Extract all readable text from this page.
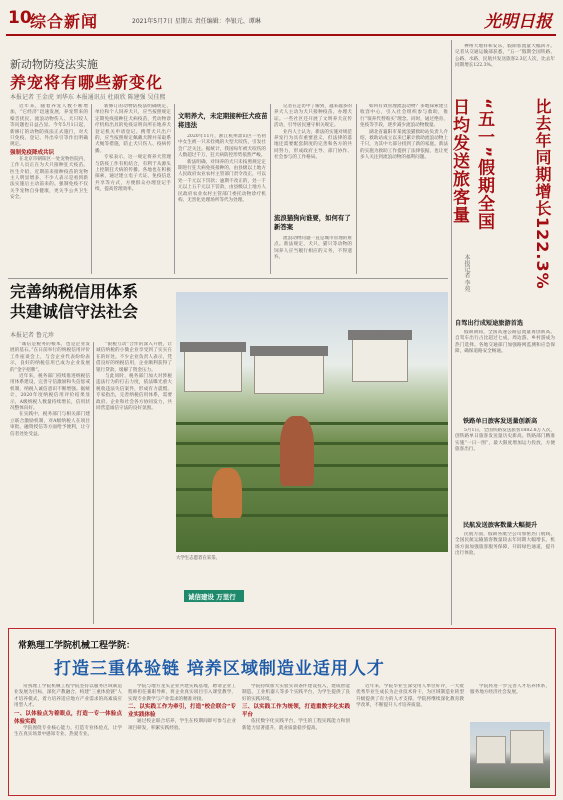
10
综合新闻	2021年5月7日 星期五 责任编辑：李银元、谭琳	光明日报
新动物防疫法实施
养宠将有哪些新变化
本报记者 王金虎 刘华东 本报通讯员 杜雨欣 陈建强 吴佳熙

近年来，随着养宠人数不断增加，“它经济”迅速发展，养宠带来的噪音扰民、流浪动物伤人、犬只咬人等问题也日益凸显。今年5月1日起，新修订的动物防疫法正式施行，对犬只免疫、登记、外出牵引等作出明确规定。

强制免疫降成共识

在北京市朝阳区一处宠物医院内，工作人员正在为犬只接种狂犬疫苗。医生介绍，近期前来接种疫苗的宠物主人明显增多，不少人表示是看到新法实施后主动前来的。强制免疫不仅关乎宠物自身健康，更关乎公共卫生安全。

新修订的动物防疫法明确规定，单位和个人饲养犬只，应当按照规定定期免疫接种狂犬病疫苗，凭动物诊疗机构出具的免疫证明向所在地养犬登记机关申请登记。携带犬只出户的，应当按照规定佩戴犬牌并采取系犬绳等措施，防止犬只伤人、疫病传播。

专家表示，这一规定将养犬管理与防疫工作有机结合，有利于从源头上控制狂犬病的传播。各地也在积极探索，通过建立电子犬证、免疫信息共享等方式，方便群众办理登记手续，提高管理效率。

文明养犬，未定期接种狂犬疫苗将违法

2020年11月，浙江杭州萧山区一名初中女生被一只未拴绳的大型犬咬伤，引发社会广泛关注。据统计，我国每年被犬咬伤的人数超过千万，狂犬病防控形势依然严峻。

新法明确，对饲养的犬只未按照规定定期进行狂犬病免疫接种的，由县级以上地方人民政府农业农村主管部门责令改正，可以处一千元以下罚款；逾期不改正的，处一千元以上五千元以下罚款，由县级以上地方人民政府农业农村主管部门委托动物诊疗机构、无害化处理场所等代为处理。

记者在走访中了解到，越来越多的养犬人主动为犬只接种疫苗、办理犬证。一些社区还开展了文明养犬宣传活动，引导居民遵守相关规定。

业内人士认为，新法的实施对规范养宠行为具有重要意义，但法律的落地还需要配套制度的完善和各方的共同努力，形成政府主导、部门协作、社会参与的工作格局。

流浪猫狗向谁要，如何有了新答案

流浪动物问题一直是城市管理的难点。新法规定，犬只、猫只等动物的饲养人应当履行相应的义务，不得遗弃。

如何有效管理流浪动物？多地探索建立收容中心，引入社会组织参与救助，推行“领养代替购买”理念。同时，通过绝育、免疫等手段，逐步减少流浪动物数量。

湖北省襄阳市某流浪猫救助站负责人介绍，救助站成立以来已累计救助流浪动物上千只，为其中大部分找到了新的家庭。新法的实施为救助工作提供了法律依据，也让更多人关注到流浪动物的福利问题。

神州大地祥和安乐，假期客流量大幅回升。记者从交通运输部获悉，“五一”假期全国铁路、公路、水路、民航共发送旅客2.3亿人次，比去年同期增长122.3%。

比去年同期增长122.3%
“五一”假期全国日均发送旅客量
本报记者 李苑
自驾出行成短途旅游首选

假期期间，全国高速公路总流量再创新高。自驾车出行占比超过七成，周边游、乡村游成为热门选择。各地交通部门加强路网监测和应急保障，确保道路安全畅通。

铁路单日旅客发送量创新高

5月1日，全国铁路发送旅客1882.8万人次，创铁路单日旅客发送量历史新高。铁路部门精准实施“一日一图”，最大限度增加运力投放，方便旅客出行。

民航发送旅客数量大幅提升

民航方面，假期各航空公司加密热门航线，全国民航运输旅客数量较去年同期大幅增长。机场方面加强旅客服务保障，开辟绿色通道，提升出行体验。

完善纳税信用体系
共建诚信守法社会
本报记者 鲁元珍

“诚信是税务的根本，也是企业发展的基石。”在日前举行的纳税信用评价工作座谈会上，与会企业代表纷纷表示，良好的纳税信用已成为企业发展的“金字招牌”。

近年来，税务部门持续推进纳税信用体系建设，完善守信激励和失信惩戒机制，纳税人诚信意识不断增强。据统计，2020年度纳税信用评价结果显示，A级纳税人数量持续增长，信用状况整体向好。

在实践中，税务部门与相关部门建立联合激励机制，对A级纳税人在项目审批、融资授信等方面给予便利，让守信者处处受益。

“银税互动”合作的深入开展，让诚信纳税的小微企业享受到了实实在在的好处。不少企业负责人表示，凭借良好的纳税信用，企业顺利获得了银行贷款，缓解了资金压力。

与此同时，税务部门加大对涉税违法行为的打击力度，依法曝光重大税收违法失信案件，形成有力震慑。专家指出，完善纳税信用体系，需要政府、企业和社会各方协同发力，共同营造诚信守法的良好氛围。

大学生志愿者在采茶。
诚信建设 万里行
常熟理工学院机械工程学院：
打造三重体验链 培养区域制造业适用人才

常熟理工学院机械工程学院坚持以服务区域制造业发展为目标，深化产教融合，构建“三重体验链”人才培养模式，着力培养适应地方产业需求的高素质应用型人才。

一、以体验点为着眼点，打造一专一体验点体验实践

学院围绕专业核心能力，打造专业体验点，让学生在真实场景中感知专业、热爱专业。

学院与地方龙头企业共建实践基地，聘请企业工程师担任兼职导师，将企业真实项目引入课堂教学，实现专业教学与产业需求的精准对接。

二、以实践工作为牵引，打造“校企联合”专业实践体验

通过校企联合培养，学生在校期间即可参与企业项目研发，积累实践经验。

学院持续加大实验实训条件建设投入，建成智能制造、工业机器人等多个实践平台，为学生提供了良好的实践环境。

三、以实践工作为统领，打造重数字化实践平台

依托数字化实践平台，学生的工程实践能力和创新能力显著提升，就业质量稳步提高。

近年来，学院毕业生深受用人单位好评，一大批优秀毕业生成长为企业技术骨干，为区域制造业转型升级提供了有力的人才支撑。学院将继续深化教育教学改革，不断提升人才培养质量。

学院将进一步完善人才培养体系，服务地方经济社会发展。
